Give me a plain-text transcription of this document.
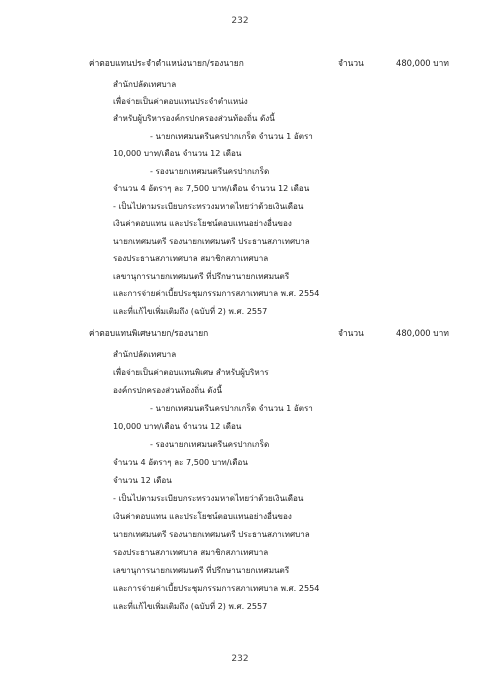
232
ค่าตอบแทนประจำตำแหน่งนายก/รองนายก	จำนวน	480,000 บาท
สำนักปลัดเทศบาล
เพื่อจ่ายเป็นค่าตอบแทนประจำตำแหน่ง
สำหรับผู้บริหารองค์กรปกครองส่วนท้องถิ่น ดังนี้
- นายกเทศมนตรีนครปากเกร็ด จำนวน 1 อัตรา
10,000 บาท/เดือน จำนวน 12 เดือน
- รองนายกเทศมนตรีนครปากเกร็ด
จำนวน 4 อัตราๆ ละ 7,500 บาท/เดือน จำนวน 12 เดือน
- เป็นไปตามระเบียบกระทรวงมหาดไทยว่าด้วยเงินเดือน
เงินค่าตอบแทน และประโยชน์ตอบแทนอย่างอื่นของ
นายกเทศมนตรี รองนายกเทศมนตรี ประธานสภาเทศบาล
รองประธานสภาเทศบาล สมาชิกสภาเทศบาล
เลขานุการนายกเทศมนตรี ที่ปรึกษานายกเทศมนตรี
และการจ่ายค่าเบี้ยประชุมกรรมการสภาเทศบาล พ.ศ. 2554
และที่แก้ไขเพิ่มเติมถึง (ฉบับที่ 2) พ.ศ. 2557
ค่าตอบแทนพิเศษนายก/รองนายก	จำนวน	480,000 บาท
สำนักปลัดเทศบาล
เพื่อจ่ายเป็นค่าตอบแทนพิเศษ สำหรับผู้บริหาร
องค์กรปกครองส่วนท้องถิ่น ดังนี้
- นายกเทศมนตรีนครปากเกร็ด จำนวน 1 อัตรา
10,000 บาท/เดือน จำนวน 12 เดือน
- รองนายกเทศมนตรีนครปากเกร็ด
จำนวน 4 อัตราๆ ละ 7,500 บาท/เดือน
จำนวน 12 เดือน
- เป็นไปตามระเบียบกระทรวงมหาดไทยว่าด้วยเงินเดือน
เงินค่าตอบแทน และประโยชน์ตอบแทนอย่างอื่นของ
นายกเทศมนตรี รองนายกเทศมนตรี ประธานสภาเทศบาล
รองประธานสภาเทศบาล สมาชิกสภาเทศบาล
เลขานุการนายกเทศมนตรี ที่ปรึกษานายกเทศมนตรี
และการจ่ายค่าเบี้ยประชุมกรรมการสภาเทศบาล พ.ศ. 2554
และที่แก้ไขเพิ่มเติมถึง (ฉบับที่ 2) พ.ศ. 2557
232
